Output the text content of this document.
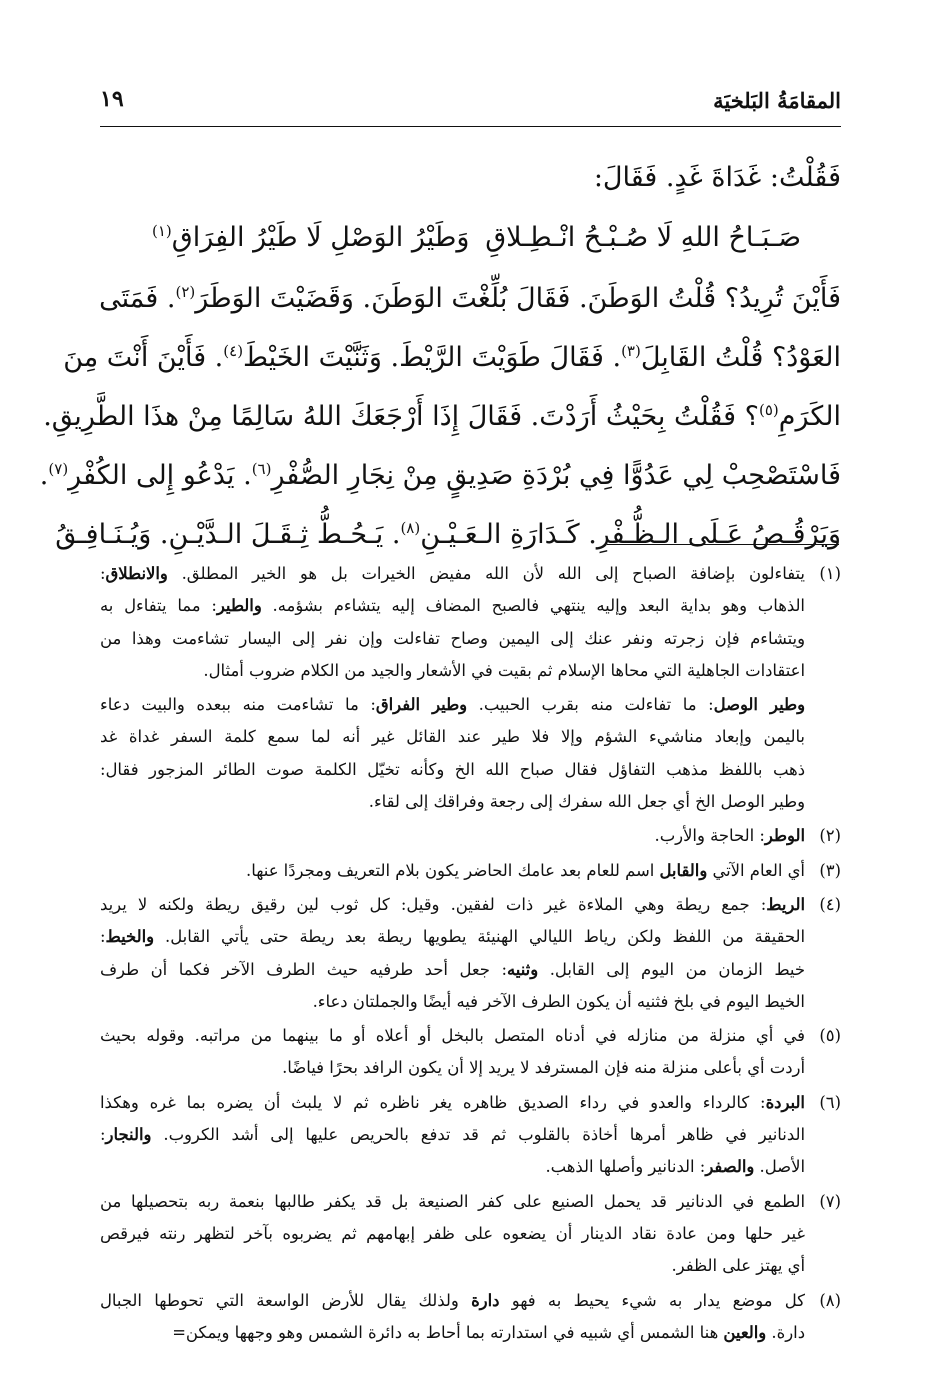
المقامَةُ البَلخيَة
١٩
فَقُلْتُ: غَدَاةَ غَدٍ. فَقَالَ:
صَـبَـاحُ اللهِ لَا صُـبْـحُ انْـطِـلاقِ
وَطَيْرُ الوَصْلِ لَا طَيْرُ الفِرَاقِ$^{(١)}$
فَأَيْنَ تُرِيدُ؟ قُلْتُ الوَطَنَ. فَقَالَ بُلِّغْتَ الوَطَنَ. وَقَضَيْتَ الوَطَرَ$^{(٢)}$. فَمَتَى
العَوْدُ؟ قُلْتُ القَابِلَ$^{(٣)}$. فَقَالَ طَوَيْتَ الرَّيْطَ. وَثَنَّيْتَ الخَيْطَ$^{(٤)}$. فَأَيْنَ أَنْتَ مِنَ
الكَرَمِ$^{(٥)}$؟ فَقُلْتُ بِحَيْثُ أَرَدْتَ. فَقَالَ إِذَا أَرْجَعَكَ اللهُ سَالِمًا مِنْ هذَا الطَّرِيقِ.
فَاسْتَصْحِبْ لِي عَدُوًّا فِي بُرْدَةِ صَدِيقٍ مِنْ نِجَارِ الصُّفْرِ$^{(٦)}$. يَدْعُو إِلى الكُفْرِ$^{(٧)}$.
وَيَرْقُـصُ عَـلَى الـظُّـفْرِ. كَـدَارَةِ الـعَـيْـنِ$^{(٨)}$. يَـحُـطُّ ثِـقَـلَ الـدَّيْـنِ. وَيُـنَـافِـقُ
(١)
يتفاءلون بإضافة الصباح إلى الله لأن الله مفيض الخيرات بل هو الخير المطلق. والانطلاق:
الذهاب وهو بداية البعد وإليه ينتهي فالصبح المضاف إليه يتشاءم بشؤمه. والطير: مما يتفاءل به
ويتشاءم فإن زجرته ونفر عنك إلى اليمين وصاح تفاءلت وإن نفر إلى اليسار تشاءمت وهذا من
اعتقادات الجاهلية التي محاها الإسلام ثم بقيت في الأشعار والجيد من الكلام ضروب أمثال.
وطير الوصل: ما تفاءلت منه بقرب الحبيب. وطير الفراق: ما تشاءمت منه ببعده والبيت دعاء
باليمن وإبعاد مناشيء الشؤم وإلا فلا طير عند القائل غير أنه لما سمع كلمة السفر غداة غد
ذهب باللفظ مذهب التفاؤل فقال صباح الله الخ وكأنه تخيّل الكلمة صوت الطائر المزجور فقال:
وطير الوصل الخ أي جعل الله سفرك إلى رجعة وفراقك إلى لقاء.
(٢)
الوطر: الحاجة والأرب.
(٣)
أي العام الآتي والقابل اسم للعام بعد عامك الحاضر يكون بلام التعريف ومجردًا عنها.
(٤)
الريط: جمع ريطة وهي الملاءة غير ذات لفقين. وقيل: كل ثوب لين رقيق ريطة ولكنه لا يريد
الحقيقة من اللفظ ولكن رياط الليالي الهنيئة يطويها ريطة بعد ريطة حتى يأتي القابل. والخيط:
خيط الزمان من اليوم إلى القابل. وثنيه: جعل أحد طرفيه حيث الطرف الآخر فكما أن طرف
الخيط اليوم في بلخ فثنيه أن يكون الطرف الآخر فيه أيضًا والجملتان دعاء.
(٥)
في أي منزلة من منازله في أدناه المتصل بالبخل أو أعلاه أو ما بينهما من مراتبه. وقوله بحيث
أردت أي بأعلى منزلة منه فإن المسترفد لا يريد إلا أن يكون الرافد بحرًا فياضًا.
(٦)
البردة: كالرداء والعدو في رداء الصديق ظاهره يغر ناظره ثم لا يلبث أن يضره بما غره وهكذا
الدنانير في ظاهر أمرها أخاذة بالقلوب ثم قد تدفع بالحريص عليها إلى أشد الكروب. والنجار:
الأصل. والصفر: الدنانير وأصلها الذهب.
(٧)
الطمع في الدنانير قد يحمل الصنيع على كفر الصنيعة بل قد يكفر طالبها بنعمة ربه بتحصيلها من
غير حلها ومن عادة نقاد الدينار أن يضعوه على ظفر إبهامهم ثم يضربوه بآخر لتظهر رنته فيرقص
أي يهتز على الظفر.
(٨)
كل موضع يدار به شيء يحيط به فهو دارة ولذلك يقال للأرض الواسعة التي تحوطها الجبال
دارة. والعين هنا الشمس أي شبيه في استدارته بما أحاط به دائرة الشمس وهو وجهها ويمكن=
